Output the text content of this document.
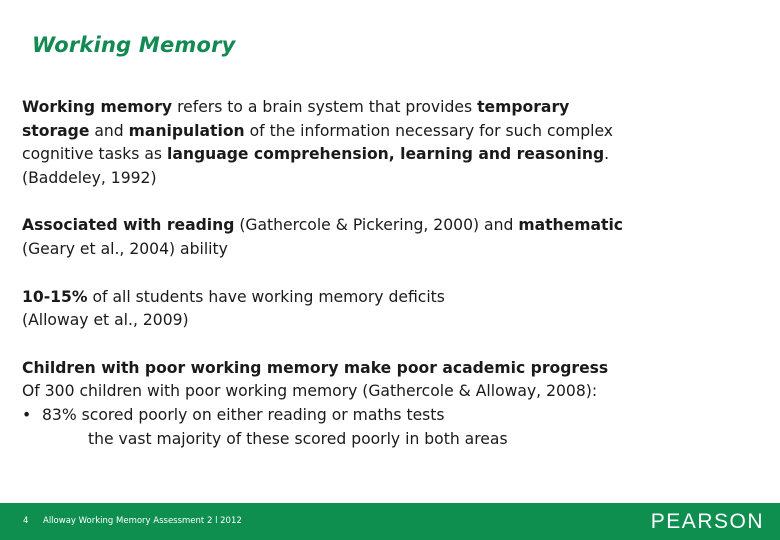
Working Memory
Working memory refers to a brain system that provides temporary
storage and manipulation of the information necessary for such complex
cognitive tasks as language comprehension, learning and reasoning.
(Baddeley, 1992)
Associated with reading (Gathercole & Pickering, 2000) and mathematic
(Geary et al., 2004) ability
10-15% of all students have working memory deficits
(Alloway et al., 2009)
Children with poor working memory make poor academic progress
Of 300 children with poor working memory (Gathercole & Alloway, 2008):
• 83% scored poorly on either reading or maths tests
the vast majority of these scored poorly in both areas
4 Alloway Working Memory Assessment 2 l 2012	PEARSON
